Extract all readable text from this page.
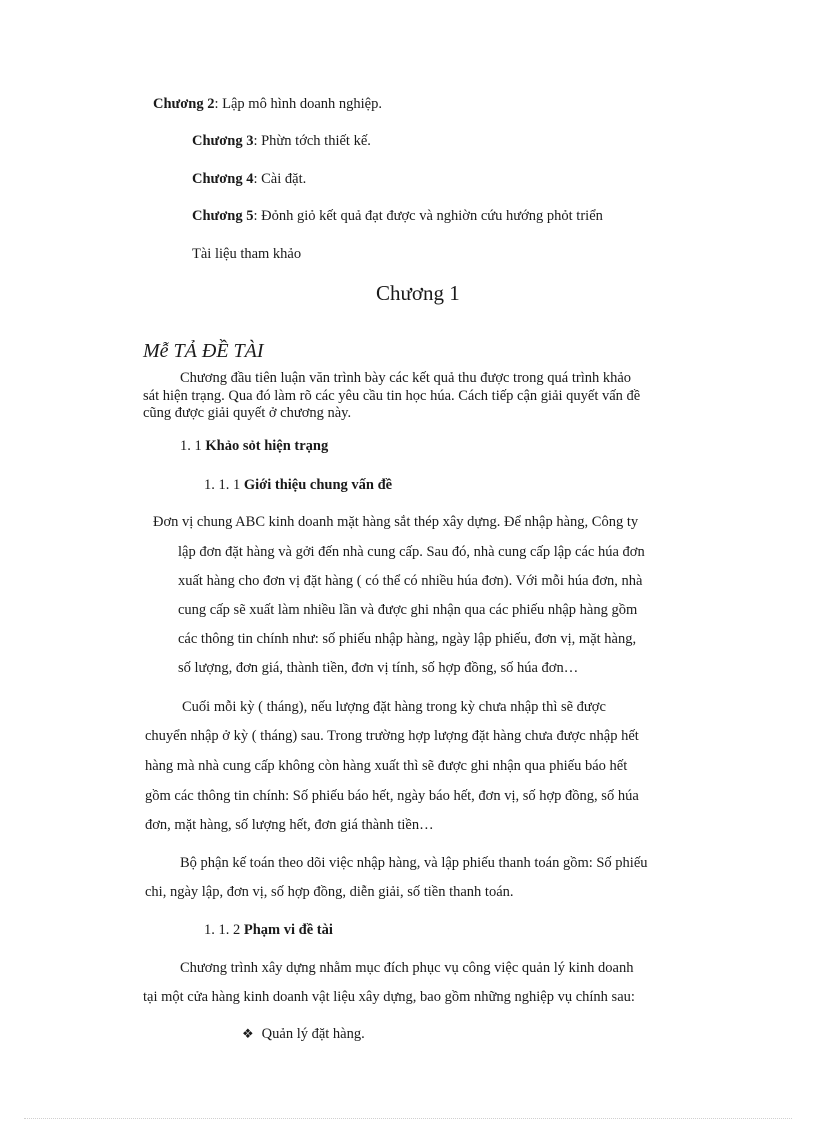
Chương 2: Lập mô hình doanh nghiệp.
Chương 3: Phừn tớch thiết kế.
Chương 4: Cài đặt.
Chương 5: Đỏnh giỏ kết quả đạt được và nghiờn cứu hướng phỏt triển
Tài liệu tham khảo
Chương 1
Mễ TẢ ĐỀ TÀI
Chương đầu tiên luận văn trình bày các kết quả thu được trong quá trình khảo
sát hiện trạng. Qua đó làm rõ các yêu cầu tin học húa. Cách tiếp cận giải quyết vấn đề
cũng được giải quyết ở chương này.
1. 1 Khảo sỏt hiện trạng
1. 1. 1 Giới thiệu chung vấn đề
Đơn vị chung ABC kinh doanh mặt hàng sắt thép xây dựng. Để nhập hàng, Công ty
lập đơn đặt hàng và gởi đến nhà cung cấp. Sau đó, nhà cung cấp lập các húa đơn
xuất hàng cho đơn vị đặt hàng ( có thể có nhiều húa đơn). Với mỗi húa đơn, nhà
cung cấp sẽ xuất làm nhiều lần và được ghi nhận qua các phiếu nhập hàng gồm
các thông tin chính như: số phiếu nhập hàng, ngày lập phiếu, đơn vị, mặt hàng,
số lượng, đơn giá, thành tiền, đơn vị tính, số hợp đồng, số húa đơn…
Cuối mỗi kỳ ( tháng), nếu lượng đặt hàng trong kỳ chưa nhập thì sẽ được
chuyển nhập ở kỳ ( tháng) sau. Trong trường hợp lượng đặt hàng chưa được nhập hết
hàng mà nhà cung cấp không còn hàng xuất thì sẽ được ghi nhận qua phiếu báo hết
gồm các thông tin chính: Số phiếu báo hết, ngày báo hết, đơn vị, số hợp đồng, số húa
đơn, mặt hàng, số lượng hết, đơn giá thành tiền…
Bộ phận kế toán theo dõi việc nhập hàng, và lập phiếu thanh toán gồm: Số phiếu
chi, ngày lập, đơn vị, số hợp đồng, diễn giải, số tiền thanh toán.
1. 1. 2 Phạm vi đề tài
Chương trình xây dựng nhằm mục đích phục vụ công việc quản lý kinh doanh
tại một cửa hàng kinh doanh vật liệu xây dựng, bao gồm những nghiệp vụ chính sau:
❖ Quản lý đặt hàng.
